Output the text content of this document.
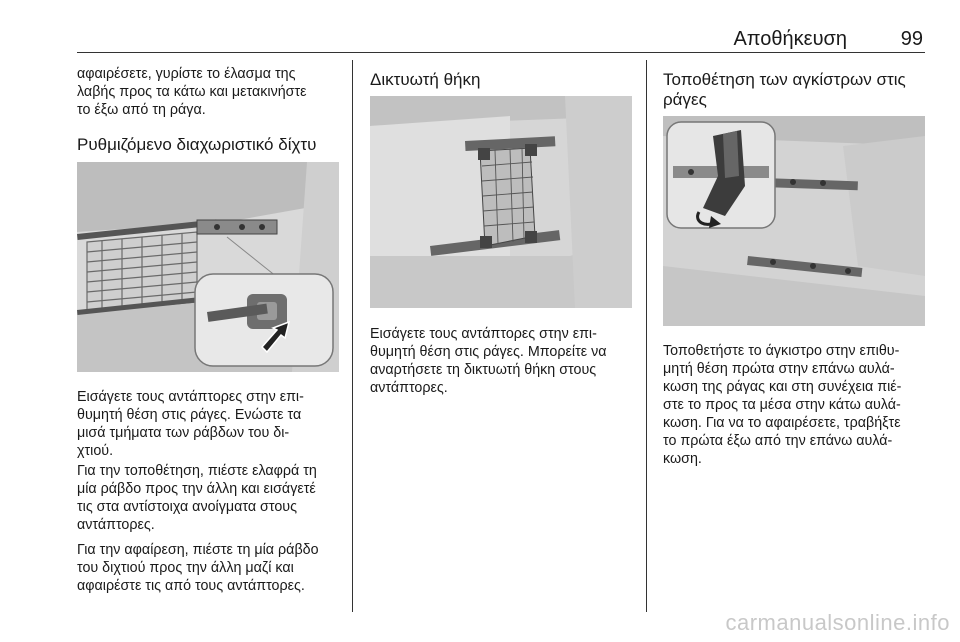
Αποθήκευση	99

αφαιρέσετε, γυρίστε το έλασμα της

λαβής προς τα κάτω και μετακινήστε

το έξω από τη ράγα.

Ρυθμιζόμενο διαχωριστικό δίχτυ

Εισάγετε τους αντάπτορες στην επι-

θυμητή θέση στις ράγες. Ενώστε τα

μισά τμήματα των ράβδων του δι-

χτιού.

Για την τοποθέτηση, πιέστε ελαφρά τη

μία ράβδο προς την άλλη και εισάγετέ

τις στα αντίστοιχα ανοίγματα στους

αντάπτορες.

Για την αφαίρεση, πιέστε τη μία ράβδο

του διχτιού προς την άλλη μαζί και

αφαιρέστε τις από τους αντάπτορες.

Δικτυωτή θήκη

Εισάγετε τους αντάπτορες στην επι-

θυμητή θέση στις ράγες. Μπορείτε να

αναρτήσετε τη δικτυωτή θήκη στους

αντάπτορες.

Τοποθέτηση των αγκίστρων στις
ράγες

Τοποθετήστε το άγκιστρο στην επιθυ-

μητή θέση πρώτα στην επάνω αυλά-

κωση της ράγας και στη συνέχεια πιέ-

στε το προς τα μέσα στην κάτω αυλά-

κωση. Για να το αφαιρέσετε, τραβήξτε

το πρώτα έξω από την επάνω αυλά-

κωση.

carmanualsonline.info
